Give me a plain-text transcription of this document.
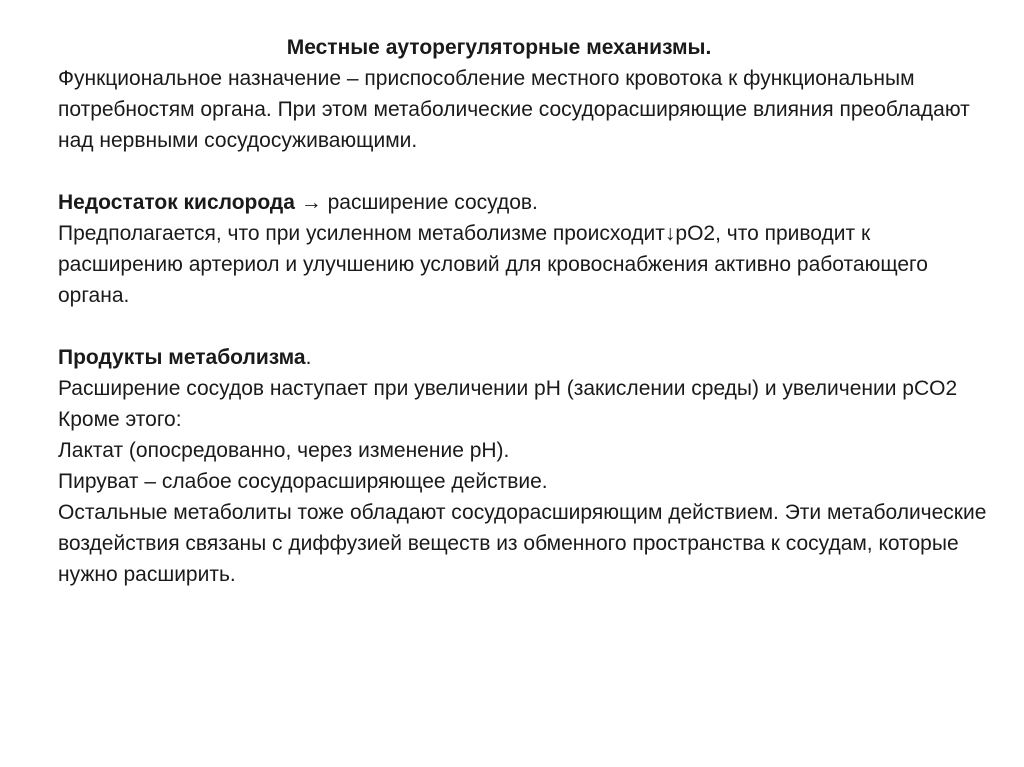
Местные ауторегуляторные механизмы.

Функциональное назначение – приспособление местного кровотока к функциональным потребностям органа. При этом метаболические сосудорасширяющие влияния преобладают над нервными сосудосуживающими.

Недостаток кислорода → расширение сосудов.

Предполагается, что при усиленном метаболизме происходит↓рO2, что приводит к расширению артериол и улучшению условий для кровоснабжения активно работающего органа.

Продукты метаболизма.

Расширение сосудов наступает при увеличении pH (закислении среды) и увеличении pCO2

Кроме этого:

Лактат (опосредованно, через изменение pH).

Пируват – слабое сосудорасширяющее действие.

Остальные метаболиты тоже обладают сосудорасширяющим действием. Эти метаболические воздействия связаны с диффузией веществ из обменного пространства к сосудам, которые нужно расширить.
